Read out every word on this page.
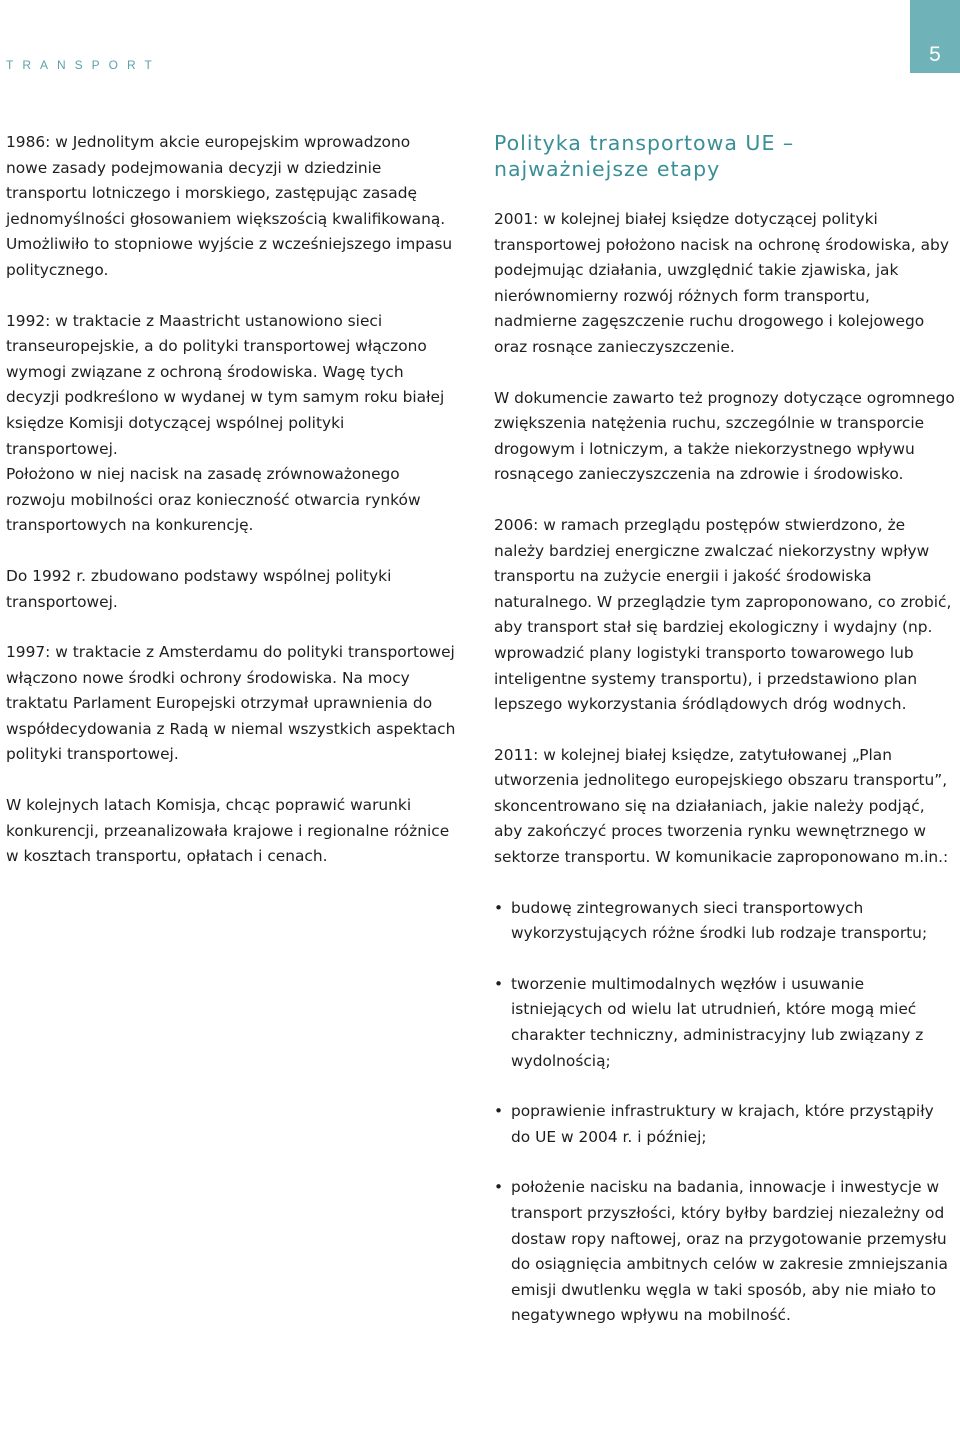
TRANSPORT	5

1986: w Jednolitym akcie europejskim wprowadzono nowe zasady podejmowania decyzji w dziedzinie transportu lotniczego i morskiego, zastępując zasadę jednomyślności głosowaniem większością kwalifikowaną. Umożliwiło to stopniowe wyjście z wcześniejszego impasu politycznego.

1992: w traktacie z Maastricht ustanowiono sieci transeuropejskie, a do polityki transportowej włączono wymogi związane z ochroną środowiska. Wagę tych decyzji podkreślono w wydanej w tym samym roku białej księdze Komisji dotyczącej wspólnej polityki transportowej.

Położono w niej nacisk na zasadę zrównoważonego rozwoju mobilności oraz konieczność otwarcia rynków transportowych na konkurencję.

Do 1992 r. zbudowano podstawy wspólnej polityki transportowej.

1997: w traktacie z Amsterdamu do polityki transportowej włączono nowe środki ochrony środowiska. Na mocy traktatu Parlament Europejski otrzymał uprawnienia do współdecydowania z Radą w niemal wszystkich aspektach polityki transportowej.

W kolejnych latach Komisja, chcąc poprawić warunki konkurencji, przeanalizowała krajowe i regionalne różnice w kosztach transportu, opłatach i cenach.

Polityka transportowa UE –
najważniejsze etapy

2001: w kolejnej białej księdze dotyczącej polityki transportowej położono nacisk na ochronę środowiska, aby podejmując działania, uwzględnić takie zjawiska, jak nierównomierny rozwój różnych form transportu, nadmierne zagęszczenie ruchu drogowego i kolejowego oraz rosnące zanieczyszczenie.

W dokumencie zawarto też prognozy dotyczące ogromnego zwiększenia natężenia ruchu, szczególnie w transporcie drogowym i lotniczym, a także niekorzystnego wpływu rosnącego zanieczyszczenia na zdrowie i środowisko.

2006: w ramach przeglądu postępów stwierdzono, że należy bardziej energiczne zwalczać niekorzystny wpływ transportu na zużycie energii i jakość środowiska naturalnego. W przeglądzie tym zaproponowano, co zrobić, aby transport stał się bardziej ekologiczny i wydajny (np. wprowadzić plany logistyki transporto towarowego lub inteligentne systemy transportu), i przedstawiono plan lepszego wykorzystania śródlądowych dróg wodnych.

2011: w kolejnej białej księdze, zatytułowanej „Plan utworzenia jednolitego europejskiego obszaru transportu”, skoncentrowano się na działaniach, jakie należy podjąć, aby zakończyć proces tworzenia rynku wewnętrznego w sektorze transportu. W komunikacie zaproponowano m.in.:

• budowę zintegrowanych sieci transportowych wykorzystujących różne środki lub rodzaje transportu;
• tworzenie multimodalnych węzłów i usuwanie istniejących od wielu lat utrudnień, które mogą mieć charakter techniczny, administracyjny lub związany z wydolnością;
• poprawienie infrastruktury w krajach, które przystąpiły do UE w 2004 r. i później;
• położenie nacisku na badania, innowacje i inwestycje w transport przyszłości, który byłby bardziej niezależny od dostaw ropy naftowej, oraz na przygotowanie przemysłu do osiągnięcia ambitnych celów w zakresie zmniejszania emisji dwutlenku węgla w taki sposób, aby nie miało to negatywnego wpływu na mobilność.
